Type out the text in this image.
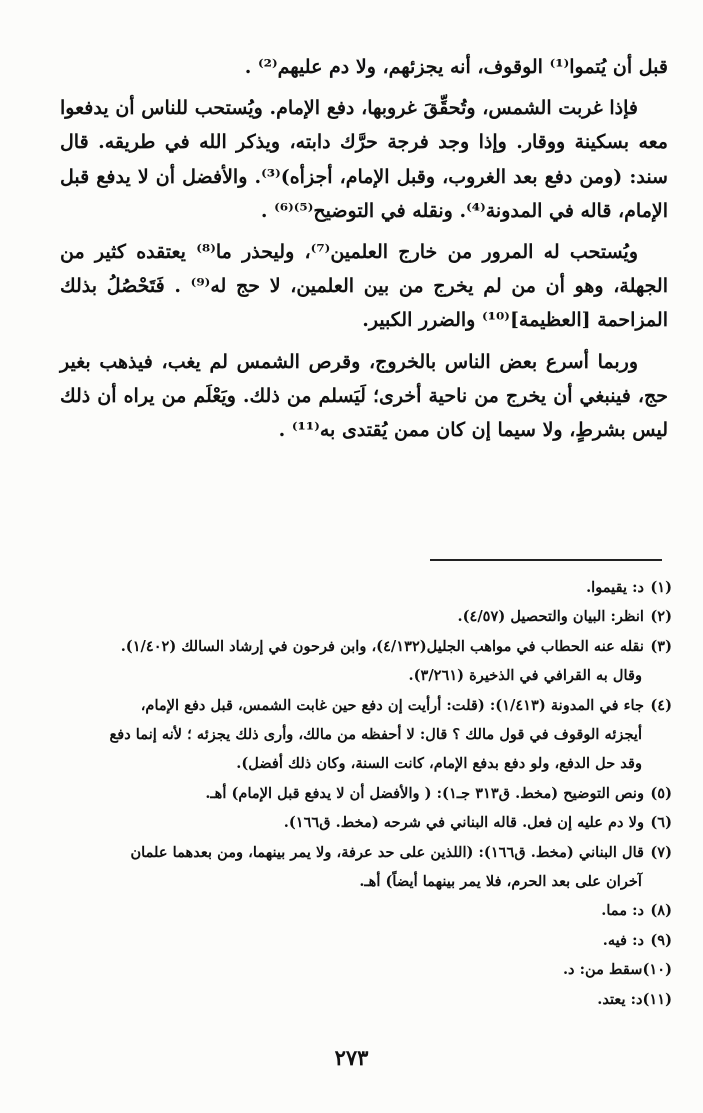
قبل أن يُتموا⁽¹⁾ الوقوف، أنه يجزئهم، ولا دم عليهم⁽²⁾ .

فإذا غربت الشمس، وتُحقِّقَ غروبها، دفع الإمام. ويُستحب للناس أن يدفعوا معه بسكينة ووقار. وإذا وجد فرجة حرَّك دابته، ويذكر الله في طريقه. قال سند: (ومن دفع بعد الغروب، وقبل الإمام، أجزأه)⁽³⁾. والأفضل أن لا يدفع قبل الإمام، قاله في المدونة⁽⁴⁾. ونقله في التوضيح⁽⁵⁾⁽⁶⁾ .

ويُستحب له المرور من خارج العلمين⁽⁷⁾، وليحذر ما⁽⁸⁾ يعتقده كثير من الجهلة، وهو أن من لم يخرج من بين العلمين، لا حج له⁽⁹⁾ . فَتَحْصُلُ بذلك المزاحمة [العظيمة]⁽¹⁰⁾ والضرر الكبير.

وربما أسرع بعض الناس بالخروج، وقرص الشمس لم يغب، فيذهب بغير حج، فينبغي أن يخرج من ناحية أخرى؛ لَيَسلم من ذلك. ويَعْلَم من يراه أن ذلك ليس بشرطٍ، ولا سيما إن كان ممن يُقتدى به⁽¹¹⁾ .

(١)د: يقيموا.
(٢)انظر: البيان والتحصيل (٤/٥٧).
(٣)نقله عنه الحطاب في مواهب الجليل(٤/١٣٢)، وابن فرحون في إرشاد السالك (١/٤٠٢).
وقال به القرافي في الذخيرة (٣/٢٦١).
(٤)جاء في المدونة (١/٤١٣): (قلت: أرأيت إن دفع حين غابت الشمس، قبل دفع الإمام،
أيجزئه الوقوف في قول مالك ؟ قال: لا أحفظه من مالك، وأرى ذلك يجزئه ؛ لأنه إنما دفع
وقد حل الدفع، ولو دفع بدفع الإمام، كانت السنة، وكان ذلك أفضل).
(٥)ونص التوضيح (مخط. ق٣١٣ جـ١): ( والأفضل أن لا يدفع قبل الإمام) أهـ.
(٦)ولا دم عليه إن فعل. قاله البناني في شرحه (مخط. ق١٦٦).
(٧)قال البناني (مخط. ق١٦٦): (اللذين على حد عرفة، ولا يمر بينهما، ومن بعدهما علمان
آخران على بعد الحرم، فلا يمر بينهما أيضاً) أهـ.
(٨)د: مما.
(٩)د: فيه.
(١٠)سقط من: د.
(١١)د: يعتد.
٢٧٣
